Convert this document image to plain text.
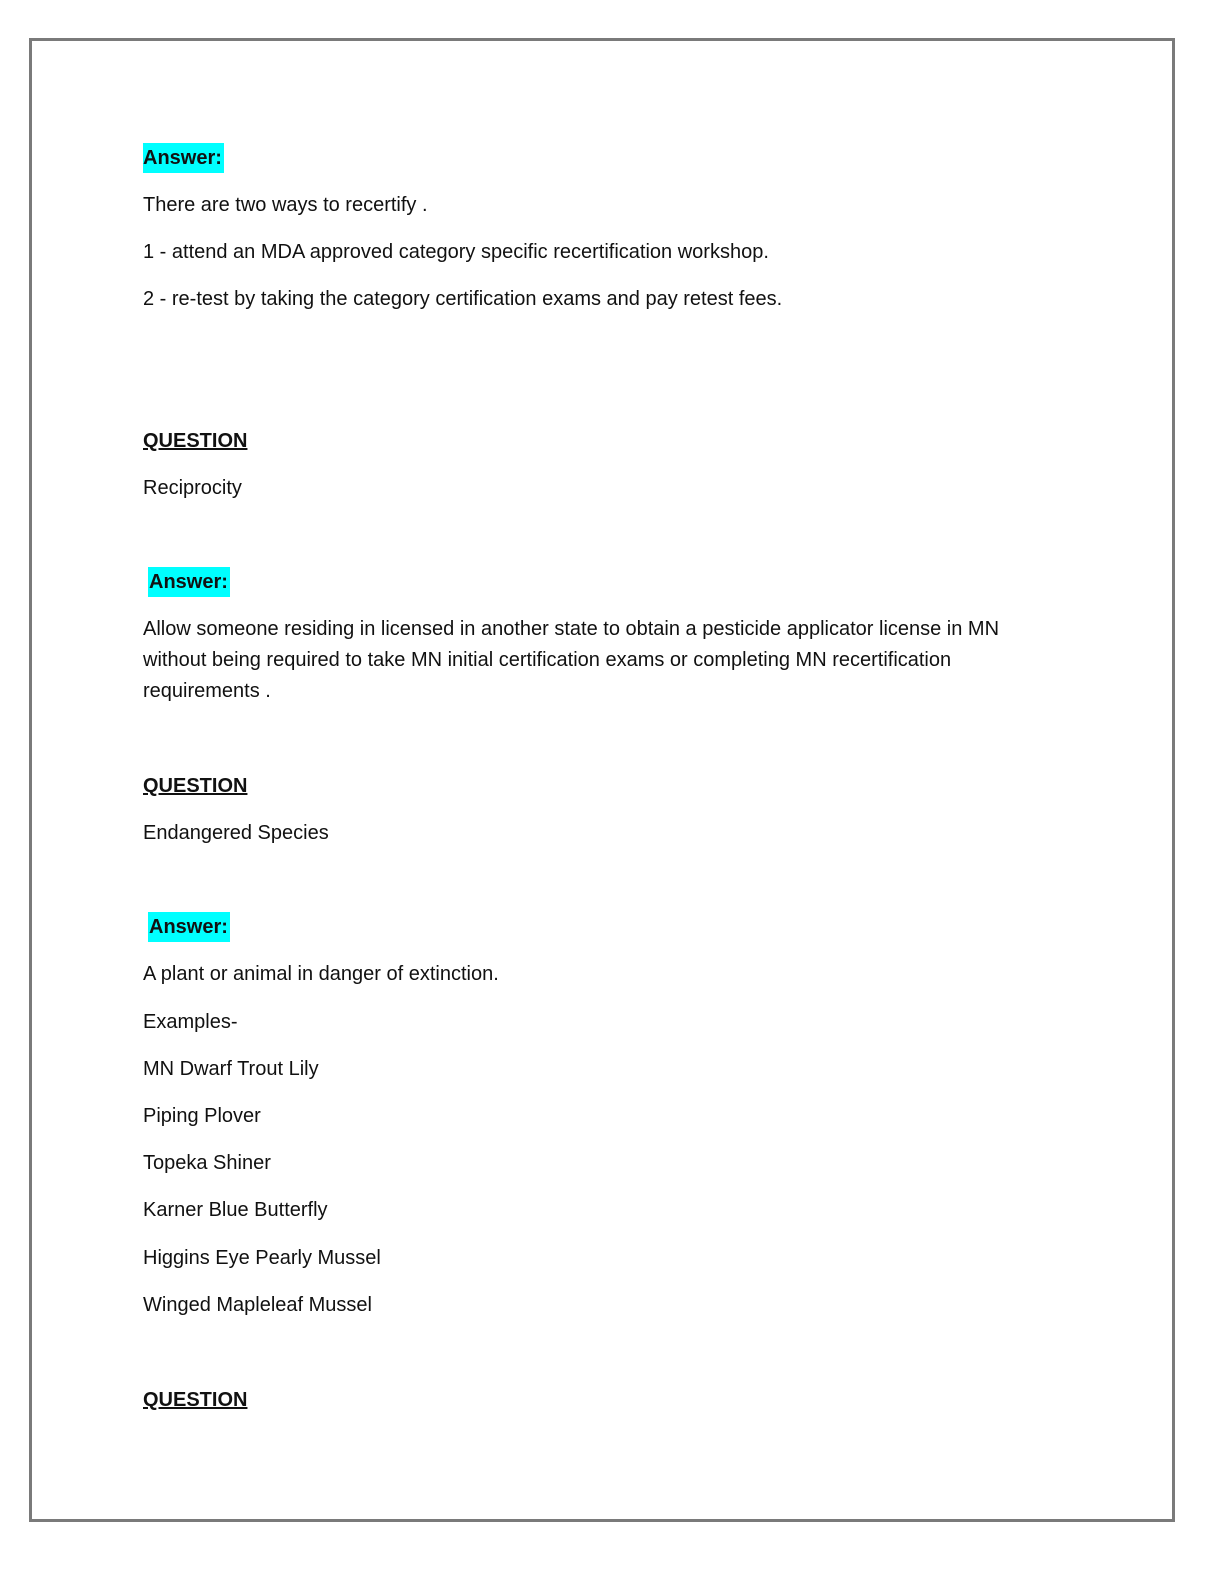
Answer:
There are two ways to recertify .
1 - attend an MDA approved category specific recertification workshop.
2 - re-test by taking the category certification exams and pay retest fees.
QUESTION
Reciprocity
Answer:
Allow someone residing in licensed in another state to obtain a pesticide applicator license in MN without being required to take MN initial certification exams or completing MN recertification requirements .
QUESTION
Endangered Species
Answer:
A plant or animal in danger of extinction.
Examples-
MN Dwarf Trout Lily
Piping Plover
Topeka Shiner
Karner Blue Butterfly
Higgins Eye Pearly Mussel
Winged Mapleleaf Mussel
QUESTION
